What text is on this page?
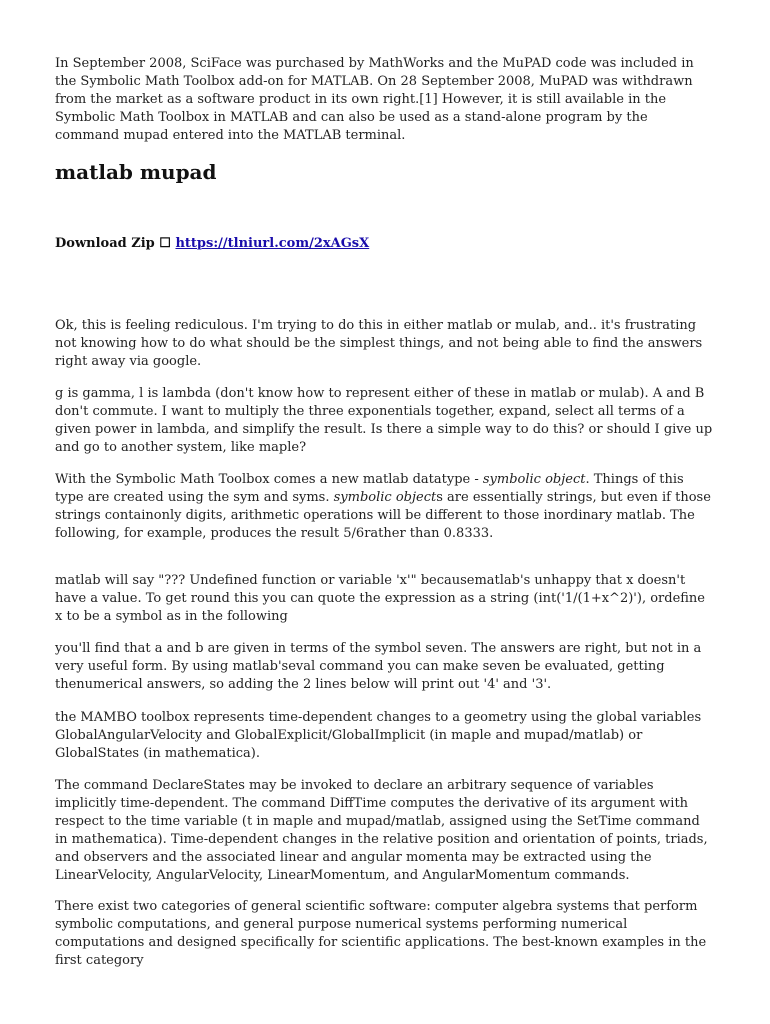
In September 2008, SciFace was purchased by MathWorks and the MuPAD code was included in the Symbolic Math Toolbox add-on for MATLAB. On 28 September 2008, MuPAD was withdrawn from the market as a software product in its own right.[1] However, it is still available in the Symbolic Math Toolbox in MATLAB and can also be used as a stand-alone program by the command mupad entered into the MATLAB terminal.

matlab mupad
Download Zip ☐ https://tlniurl.com/2xAGsX

Ok, this is feeling rediculous. I'm trying to do this in either matlab or mulab, and.. it's frustrating not knowing how to do what should be the simplest things, and not being able to find the answers right away via google.

g is gamma, l is lambda (don't know how to represent either of these in matlab or mulab). A and B don't commute. I want to multiply the three exponentials together, expand, select all terms of a given power in lambda, and simplify the result. Is there a simple way to do this? or should I give up and go to another system, like maple?

With the Symbolic Math Toolbox comes a new matlab datatype - symbolic object. Things of this type are created using the sym and syms. symbolic objects are essentially strings, but even if those strings containonly digits, arithmetic operations will be different to those inordinary matlab. The following, for example, produces the result 5/6rather than 0.8333.

matlab will say "??? Undefined function or variable 'x'" becausematlab's unhappy that x doesn't have a value. To get round this you can quote the expression as a string (int('1/(1+x^2)'), ordefine x to be a symbol as in the following

you'll find that a and b are given in terms of the symbol seven. The answers are right, but not in a very useful form. By using matlab'seval command you can make seven be evaluated, getting thenumerical answers, so adding the 2 lines below will print out '4' and '3'.

the MAMBO toolbox represents time-dependent changes to a geometry using the global variables GlobalAngularVelocity and GlobalExplicit/GlobalImplicit (in maple and mupad/matlab) or GlobalStates (in mathematica).

The command DeclareStates may be invoked to declare an arbitrary sequence of variables implicitly time-dependent. The command DiffTime computes the derivative of its argument with respect to the time variable (t in maple and mupad/matlab, assigned using the SetTime command in mathematica). Time-dependent changes in the relative position and orientation of points, triads, and observers and the associated linear and angular momenta may be extracted using the LinearVelocity, AngularVelocity, LinearMomentum, and AngularMomentum commands.

There exist two categories of general scientific software: computer algebra systems that perform symbolic computations, and general purpose numerical systems performing numerical computations and designed specifically for scientific applications. The best-known examples in the first category
